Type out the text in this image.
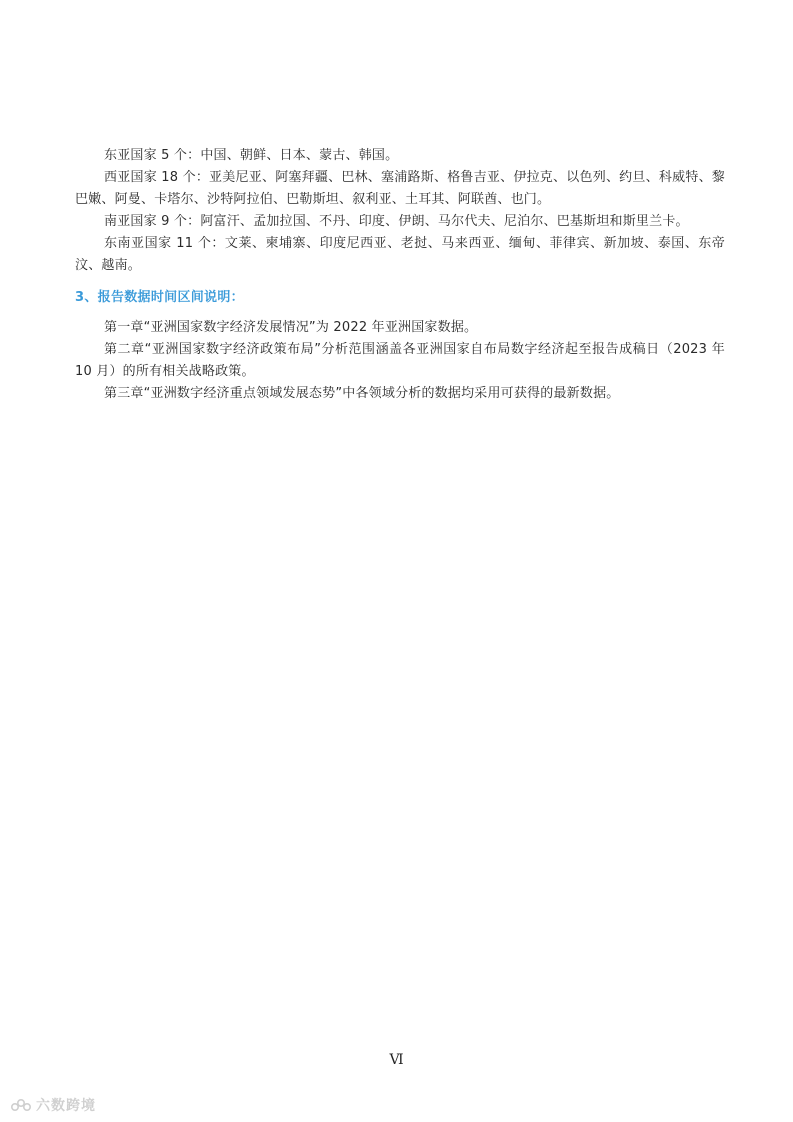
东亚国家 5 个：中国、朝鲜、日本、蒙古、韩国。

西亚国家 18 个：亚美尼亚、阿塞拜疆、巴林、塞浦路斯、格鲁吉亚、伊拉克、以色列、约旦、科威特、黎巴嫩、阿曼、卡塔尔、沙特阿拉伯、巴勒斯坦、叙利亚、土耳其、阿联酋、也门。

南亚国家 9 个：阿富汗、孟加拉国、不丹、印度、伊朗、马尔代夫、尼泊尔、巴基斯坦和斯里兰卡。

东南亚国家 11 个：文莱、柬埔寨、印度尼西亚、老挝、马来西亚、缅甸、菲律宾、新加坡、泰国、东帝汶、越南。

3、报告数据时间区间说明：

第一章“亚洲国家数字经济发展情况”为 2022 年亚洲国家数据。

第二章“亚洲国家数字经济政策布局”分析范围涵盖各亚洲国家自布局数字经济起至报告成稿日（2023 年 10 月）的所有相关战略政策。

第三章“亚洲数字经济重点领域发展态势”中各领域分析的数据均采用可获得的最新数据。

Ⅵ
六数跨境
